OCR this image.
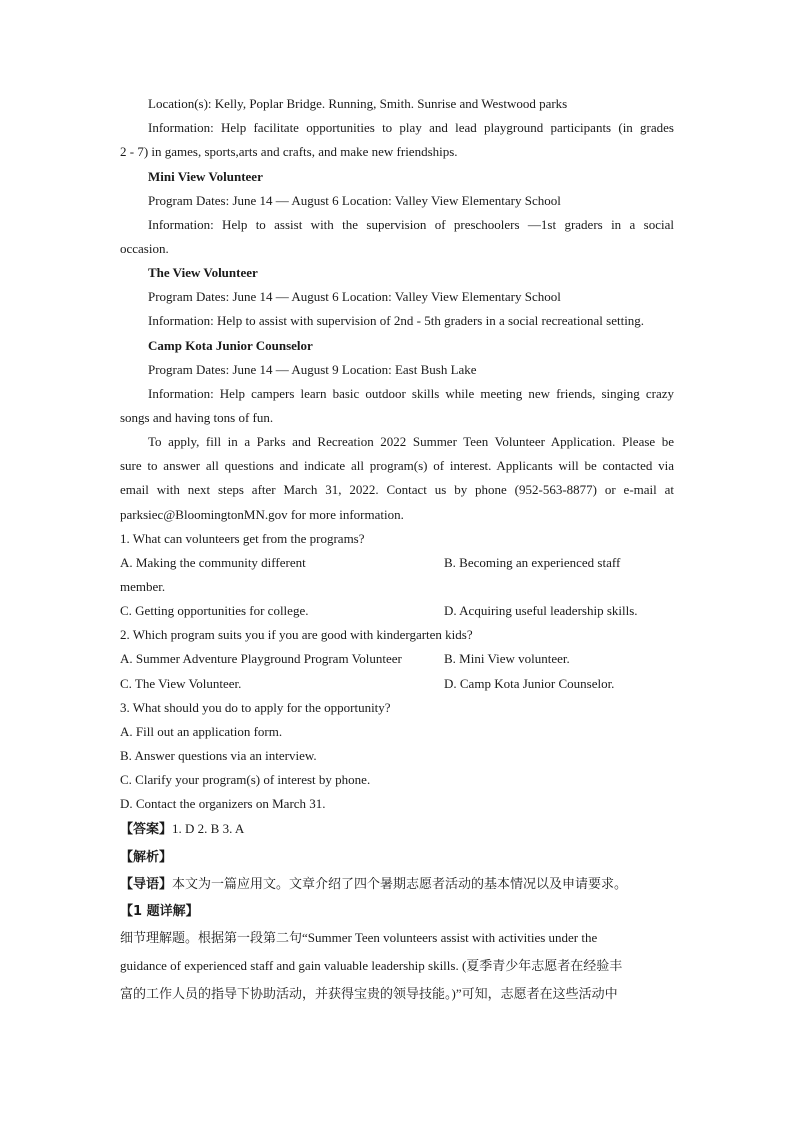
Location(s): Kelly, Poplar Bridge. Running, Smith. Sunrise and Westwood parks
Information: Help facilitate opportunities to play and lead playground participants (in grades
2 - 7) in games, sports,arts and crafts, and make new friendships.
Mini View Volunteer
Program Dates: June 14 — August 6 Location: Valley View Elementary School
Information: Help to assist with the supervision of preschoolers —1st graders in a social
occasion.
The View Volunteer
Program Dates: June 14 — August 6 Location: Valley View Elementary School
Information: Help to assist with supervision of 2nd - 5th graders in a social recreational setting.
Camp Kota Junior Counselor
Program Dates: June 14 — August 9 Location: East Bush Lake
Information: Help campers learn basic outdoor skills while meeting new friends, singing crazy
songs and having tons of fun.
To apply, fill in a Parks and Recreation 2022 Summer Teen Volunteer Application. Please be
sure to answer all questions and indicate all program(s) of interest. Applicants will be contacted via
email with next steps after March 31, 2022. Contact us by phone (952-563-8877) or e-mail at
parksiec@BloomingtonMN.gov for more information.
1. What can volunteers get from the programs?
A. Making the community different	B. Becoming an experienced staff
member.
C. Getting opportunities for college.	D. Acquiring useful leadership skills.
2. Which program suits you if you are good with kindergarten kids?
A. Summer Adventure Playground Program Volunteer	B. Mini View volunteer.
C. The View Volunteer.	D. Camp Kota Junior Counselor.
3. What should you do to apply for the opportunity?
A. Fill out an application form.
B. Answer questions via an interview.
C. Clarify your program(s) of interest by phone.
D. Contact the organizers on March 31.
【答案】1. D 2. B 3. A
【解析】
【导语】本文为一篇应用文。文章介绍了四个暑期志愿者活动的基本情况以及申请要求。
【1 题详解】
细节理解题。根据第一段第二句“Summer Teen volunteers assist with activities under the
guidance of experienced staff and gain valuable leadership skills. (夏季青少年志愿者在经验丰
富的工作人员的指导下协助活动，并获得宝贵的领导技能。)”可知，志愿者在这些活动中
